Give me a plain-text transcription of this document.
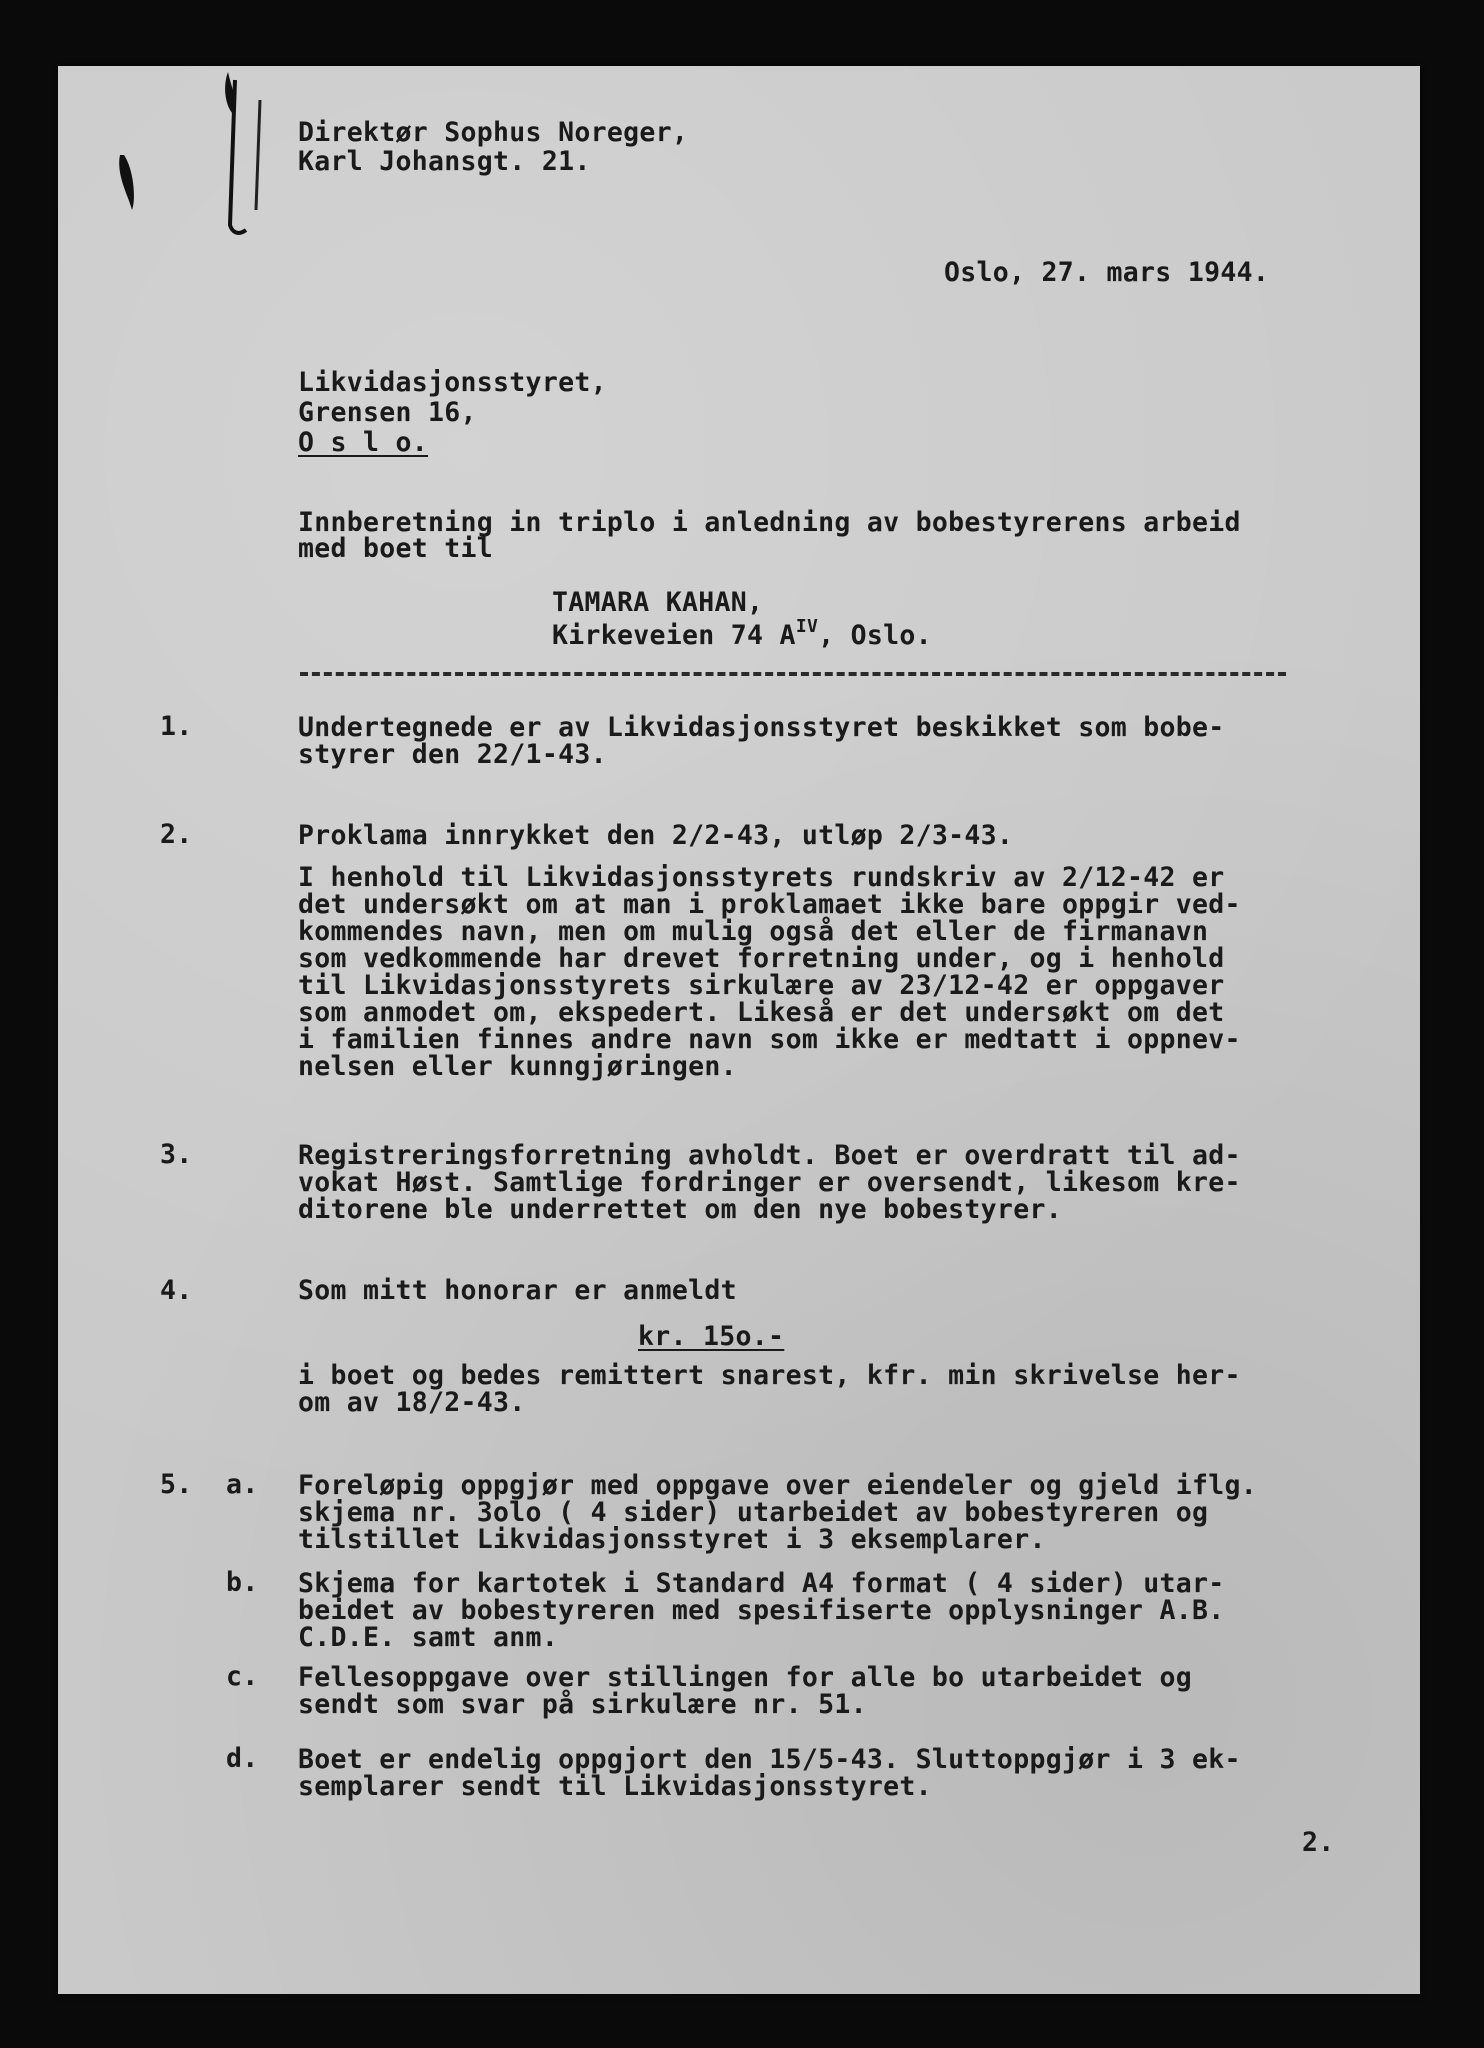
Direktør Sophus Noreger,
Karl Johansgt. 21.
Oslo, 27. mars 1944.
Likvidasjonsstyret,
Grensen 16,
O s l o.
Innberetning in triplo i anledning av bobestyrerens arbeid
med boet til
TAMARA KAHAN,
Kirkeveien 74 $A^{IV}$, Oslo.
1.	Undertegnede er av Likvidasjonsstyret beskikket som bobe-
styrer den 22/1-43.
2.	Proklama innrykket den 2/2-43, utløp 2/3-43.
I henhold til Likvidasjonsstyrets rundskriv av 2/12-42 er
det undersøkt om at man i proklamaet ikke bare oppgir ved-
kommendes navn, men om mulig også det eller de firmanavn
som vedkommende har drevet forretning under, og i henhold
til Likvidasjonsstyrets sirkulære av 23/12-42 er oppgaver
som anmodet om, ekspedert. Likeså er det undersøkt om det
i familien finnes andre navn som ikke er medtatt i oppnev-
nelsen eller kunngjøringen.
3.	Registreringsforretning avholdt. Boet er overdratt til ad-
vokat Høst. Samtlige fordringer er oversendt, likesom kre-
ditorene ble underrettet om den nye bobestyrer.
4.	Som mitt honorar er anmeldt
kr. 15o.-
i boet og bedes remittert snarest, kfr. min skrivelse her-
om av 18/2-43.
5. a. Foreløpig oppgjør med oppgave over eiendeler og gjeld iflg.
skjema nr. 3olo ( 4 sider) utarbeidet av bobestyreren og
tilstillet Likvidasjonsstyret i 3 eksemplarer.
b. Skjema for kartotek i Standard A4 format ( 4 sider) utar-
beidet av bobestyreren med spesifiserte opplysninger A.B.
C.D.E. samt anm.
c. Fellesoppgave over stillingen for alle bo utarbeidet og
sendt som svar på sirkulære nr. 51.
d. Boet er endelig oppgjort den 15/5-43. Sluttoppgjør i 3 ek-
semplarer sendt til Likvidasjonsstyret.
2.
